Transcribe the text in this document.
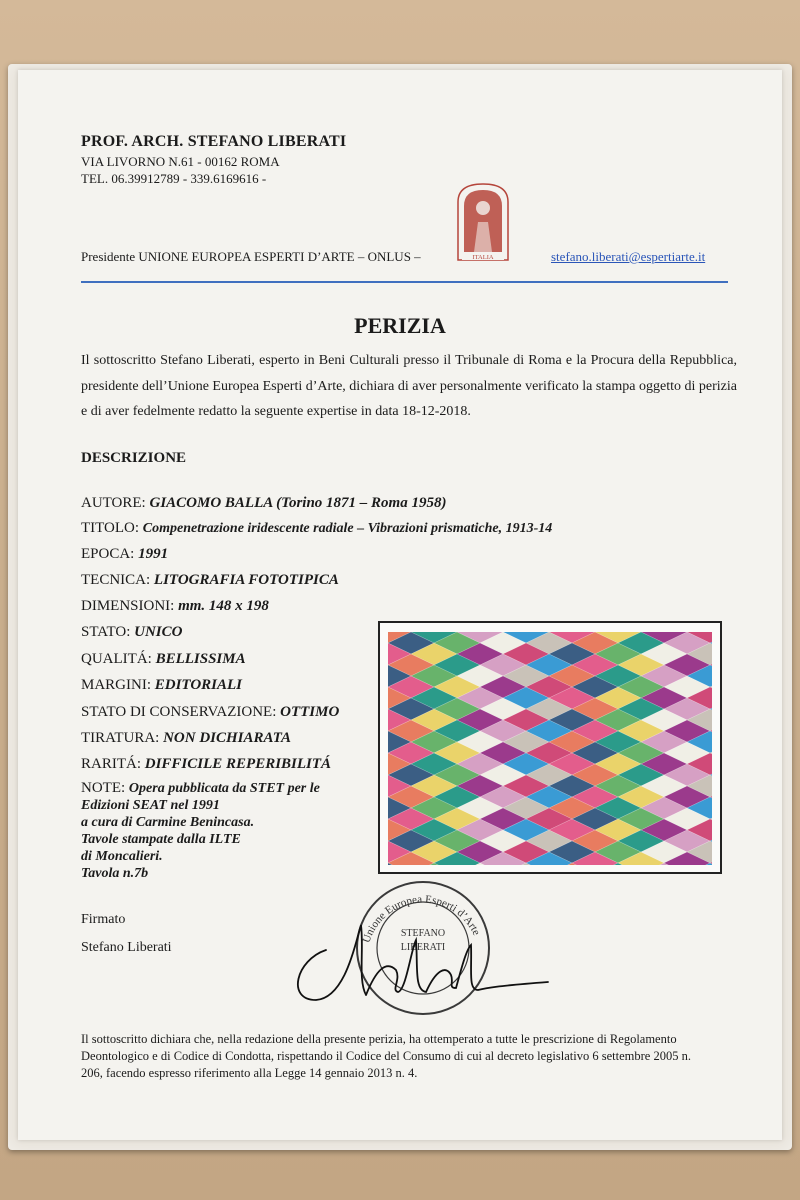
PROF. ARCH. STEFANO LIBERATI
VIA LIVORNO N.61 - 00162 ROMA
TEL. 06.39912789 - 339.6169616 -
ITALIA
Presidente UNIONE EUROPEA ESPERTI D’ARTE – ONLUS –	stefano.liberati@espertiarte.it
PERIZIA
Il sottoscritto Stefano Liberati, esperto in Beni Culturali presso il Tribunale di Roma e la Procura della Repubblica, presidente dell’Unione Europea Esperti d’Arte, dichiara di aver personalmente verificato la stampa oggetto di perizia e di aver fedelmente redatto la seguente expertise in data 18-12-2018.
DESCRIZIONE
AUTORE: GIACOMO BALLA (Torino 1871 – Roma 1958)
TITOLO: Compenetrazione iridescente radiale – Vibrazioni prismatiche, 1913-14
EPOCA: 1991
TECNICA: LITOGRAFIA FOTOTIPICA
DIMENSIONI: mm. 148 x 198
STATO: UNICO
QUALITÁ: BELLISSIMA
MARGINI: EDITORIALI
STATO DI CONSERVAZIONE: OTTIMO
TIRATURA: NON DICHIARATA
RARITÁ: DIFFICILE REPERIBILITÁ
NOTE: Opera pubblicata da STET per le
Edizioni SEAT nel 1991
a cura di Carmine Benincasa.
Tavole stampate dalla ILTE
di Moncalieri.
Tavola n.7b
Firmato
Stefano Liberati
Unione Europea Esperti d’Arte
STEFANO
LIBERATI
Il sottoscritto dichiara che, nella redazione della presente perizia, ha ottemperato a tutte le prescrizione di Regolamento Deontologico e di Codice di Condotta, rispettando il Codice del Consumo di cui al decreto legislativo 6 settembre 2005 n. 206, facendo espresso riferimento alla Legge 14 gennaio 2013 n. 4.
